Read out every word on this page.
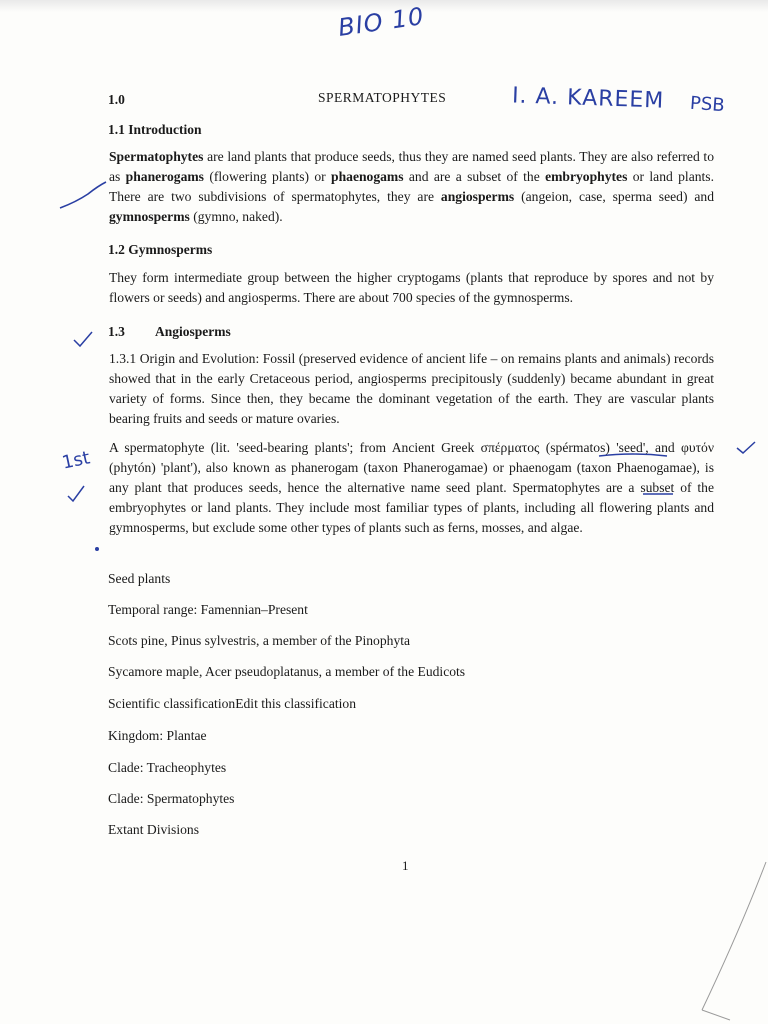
BIO 10
I. A. KAREEM PSB
1st
1.0	SPERMATOPHYTES
1.1 Introduction

Spermatophytes are land plants that produce seeds, thus they are named seed plants. They are also referred to as phanerogams (flowering plants) or phaenogams and are a subset of the embryophytes or land plants. There are two subdivisions of spermatophytes, they are angiosperms (angeion, case, sperma seed) and gymnosperms (gymno, naked).

1.2 Gymnosperms

They form intermediate group between the higher cryptogams (plants that reproduce by spores and not by flowers or seeds) and angiosperms. There are about 700 species of the gymnosperms.

1.3 Angiosperms

1.3.1 Origin and Evolution: Fossil (preserved evidence of ancient life – on remains plants and animals) records showed that in the early Cretaceous period, angiosperms precipitously (suddenly) became abundant in great variety of forms. Since then, they became the dominant vegetation of the earth. They are vascular plants bearing fruits and seeds or mature ovaries.

A spermatophyte (lit. 'seed-bearing plants'; from Ancient Greek σπέρματος (spérmatos) 'seed', and φυτόν (phytón) 'plant'), also known as phanerogam (taxon Phanerogamae) or phaenogam (taxon Phaenogamae), is any plant that produces seeds, hence the alternative name seed plant. Spermatophytes are a subset of the embryophytes or land plants. They include most familiar types of plants, including all flowering plants and gymnosperms, but exclude some other types of plants such as ferns, mosses, and algae.

Seed plants
Temporal range: Famennian–Present
Scots pine, Pinus sylvestris, a member of the Pinophyta
Sycamore maple, Acer pseudoplatanus, a member of the Eudicots
Scientific classificationEdit this classification
Kingdom: Plantae
Clade: Tracheophytes
Clade: Spermatophytes
Extant Divisions
1
